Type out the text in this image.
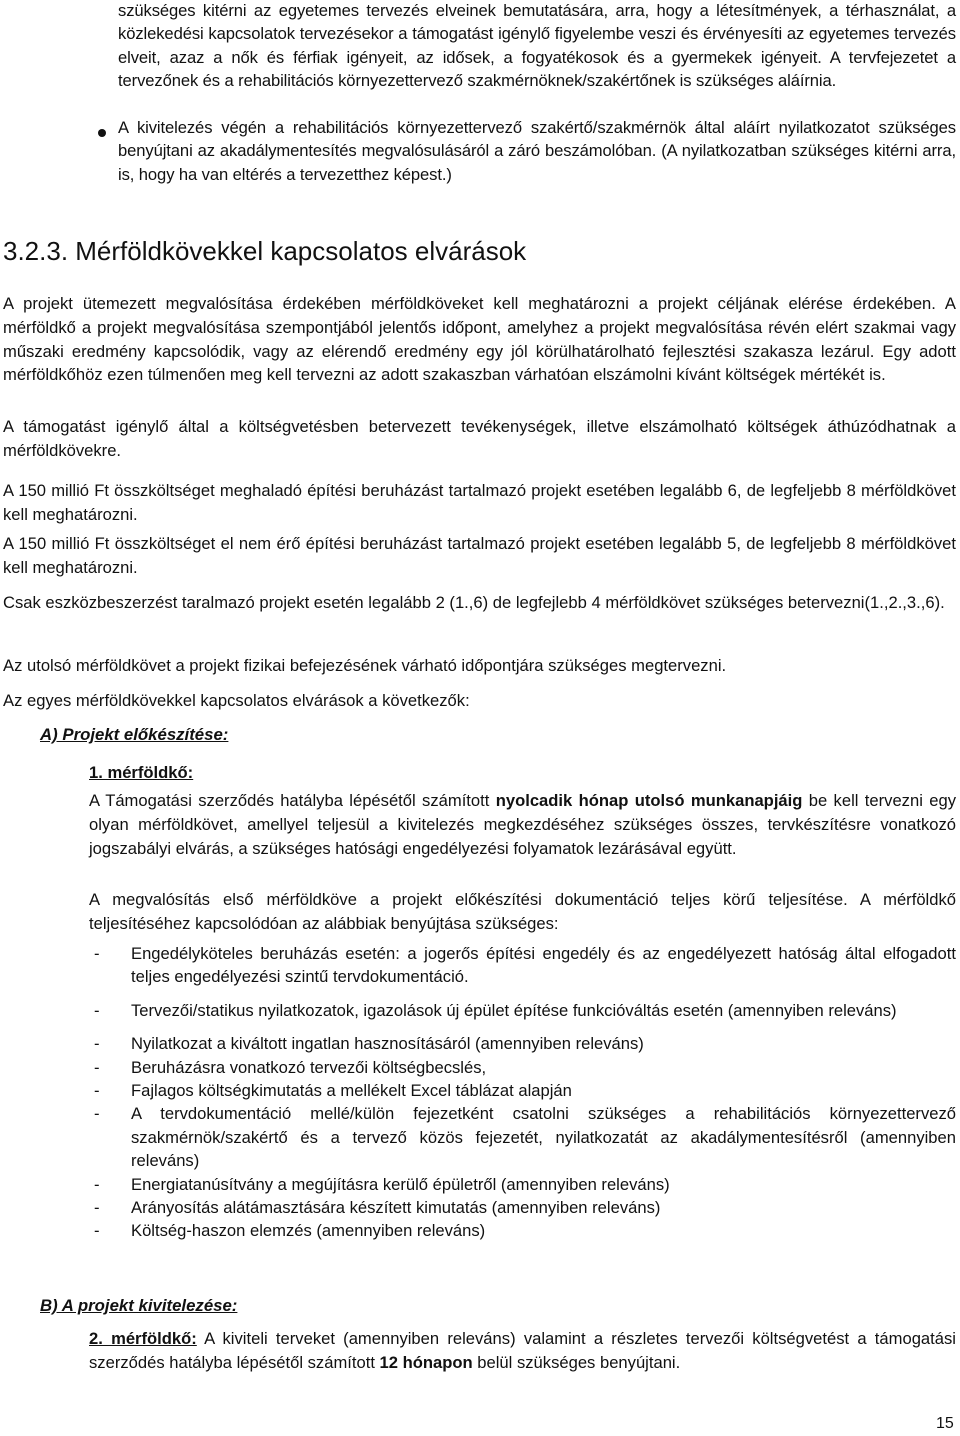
szükséges kitérni az egyetemes tervezés elveinek bemutatására, arra, hogy a létesítmények, a térhasználat, a közlekedési kapcsolatok tervezésekor a támogatást igénylő figyelembe veszi és érvényesíti az egyetemes tervezés elveit, azaz a nők és férfiak igényeit, az idősek, a fogyatékosok és a gyermekek igényeit. A tervfejezetet a tervezőnek és a rehabilitációs környezettervező szakmérnöknek/szakértőnek is szükséges aláírnia.

A kivitelezés végén a rehabilitációs környezettervező szakértő/szakmérnök által aláírt nyilatkozatot szükséges benyújtani az akadálymentesítés megvalósulásáról a záró beszámolóban. (A nyilatkozatban szükséges kitérni arra, is, hogy ha van eltérés a tervezetthez képest.)

3.2.3. Mérföldkövekkel kapcsolatos elvárások

A projekt ütemezett megvalósítása érdekében mérföldköveket kell meghatározni a projekt céljának elérése érdekében. A mérföldkő a projekt megvalósítása szempontjából jelentős időpont, amelyhez a projekt megvalósítása révén elért szakmai vagy műszaki eredmény kapcsolódik, vagy az elérendő eredmény egy jól körülhatárolható fejlesztési szakasza lezárul. Egy adott mérföldkőhöz ezen túlmenően meg kell tervezni az adott szakaszban várhatóan elszámolni kívánt költségek mértékét is.

A támogatást igénylő által a költségvetésben betervezett tevékenységek, illetve elszámolható költségek áthúzódhatnak a mérföldkövekre.

A 150 millió Ft összköltséget meghaladó építési beruházást tartalmazó projekt esetében legalább 6, de legfeljebb 8 mérföldkövet kell meghatározni.

A 150 millió Ft összköltséget el nem érő építési beruházást tartalmazó projekt esetében legalább 5, de legfeljebb 8 mérföldkövet kell meghatározni.

Csak eszközbeszerzést taralmazó projekt esetén legalább 2 (1.,6) de legfejlebb 4 mérföldkövet szükséges betervezni(1.,2.,3.,6).

Az utolsó mérföldkövet a projekt fizikai befejezésének várható időpontjára szükséges megtervezni.

Az egyes mérföldkövekkel kapcsolatos elvárások a következők:

A) Projekt előkészítése:
1. mérföldkő:

A Támogatási szerződés hatályba lépésétől számított nyolcadik hónap utolsó munkanapjáig be kell tervezni egy olyan mérföldkövet, amellyel teljesül a kivitelezés megkezdéséhez szükséges összes, tervkészítésre vonatkozó jogszabályi elvárás, a szükséges hatósági engedélyezési folyamatok lezárásával együtt.

A megvalósítás első mérföldköve a projekt előkészítési dokumentáció teljes körű teljesítése. A mérföldkő teljesítéséhez kapcsolódóan az alábbiak benyújtása szükséges:

- Engedélyköteles beruházás esetén: a jogerős építési engedély és az engedélyezett hatóság által elfogadott teljes engedélyezési szintű tervdokumentáció.
- Tervezői/statikus nyilatkozatok, igazolások új épület építése funkcióváltás esetén (amennyiben releváns)
- Nyilatkozat a kiváltott ingatlan hasznosításáról (amennyiben releváns)
- Beruházásra vonatkozó tervezői költségbecslés,
- Fajlagos költségkimutatás a mellékelt Excel táblázat alapján
- A tervdokumentáció mellé/külön fejezetként csatolni szükséges a rehabilitációs környezettervező szakmérnök/szakértő és a tervező közös fejezetét, nyilatkozatát az akadálymentesítésről (amennyiben releváns)
- Energiatanúsítvány a megújításra kerülő épületről (amennyiben releváns)
- Arányosítás alátámasztására készített kimutatás (amennyiben releváns)
- Költség-haszon elemzés (amennyiben releváns)
B) A projekt kivitelezése:

2. mérföldkő: A kiviteli terveket (amennyiben releváns) valamint a részletes tervezői költségvetést a támogatási szerződés hatályba lépésétől számított 12 hónapon belül szükséges benyújtani.

15
